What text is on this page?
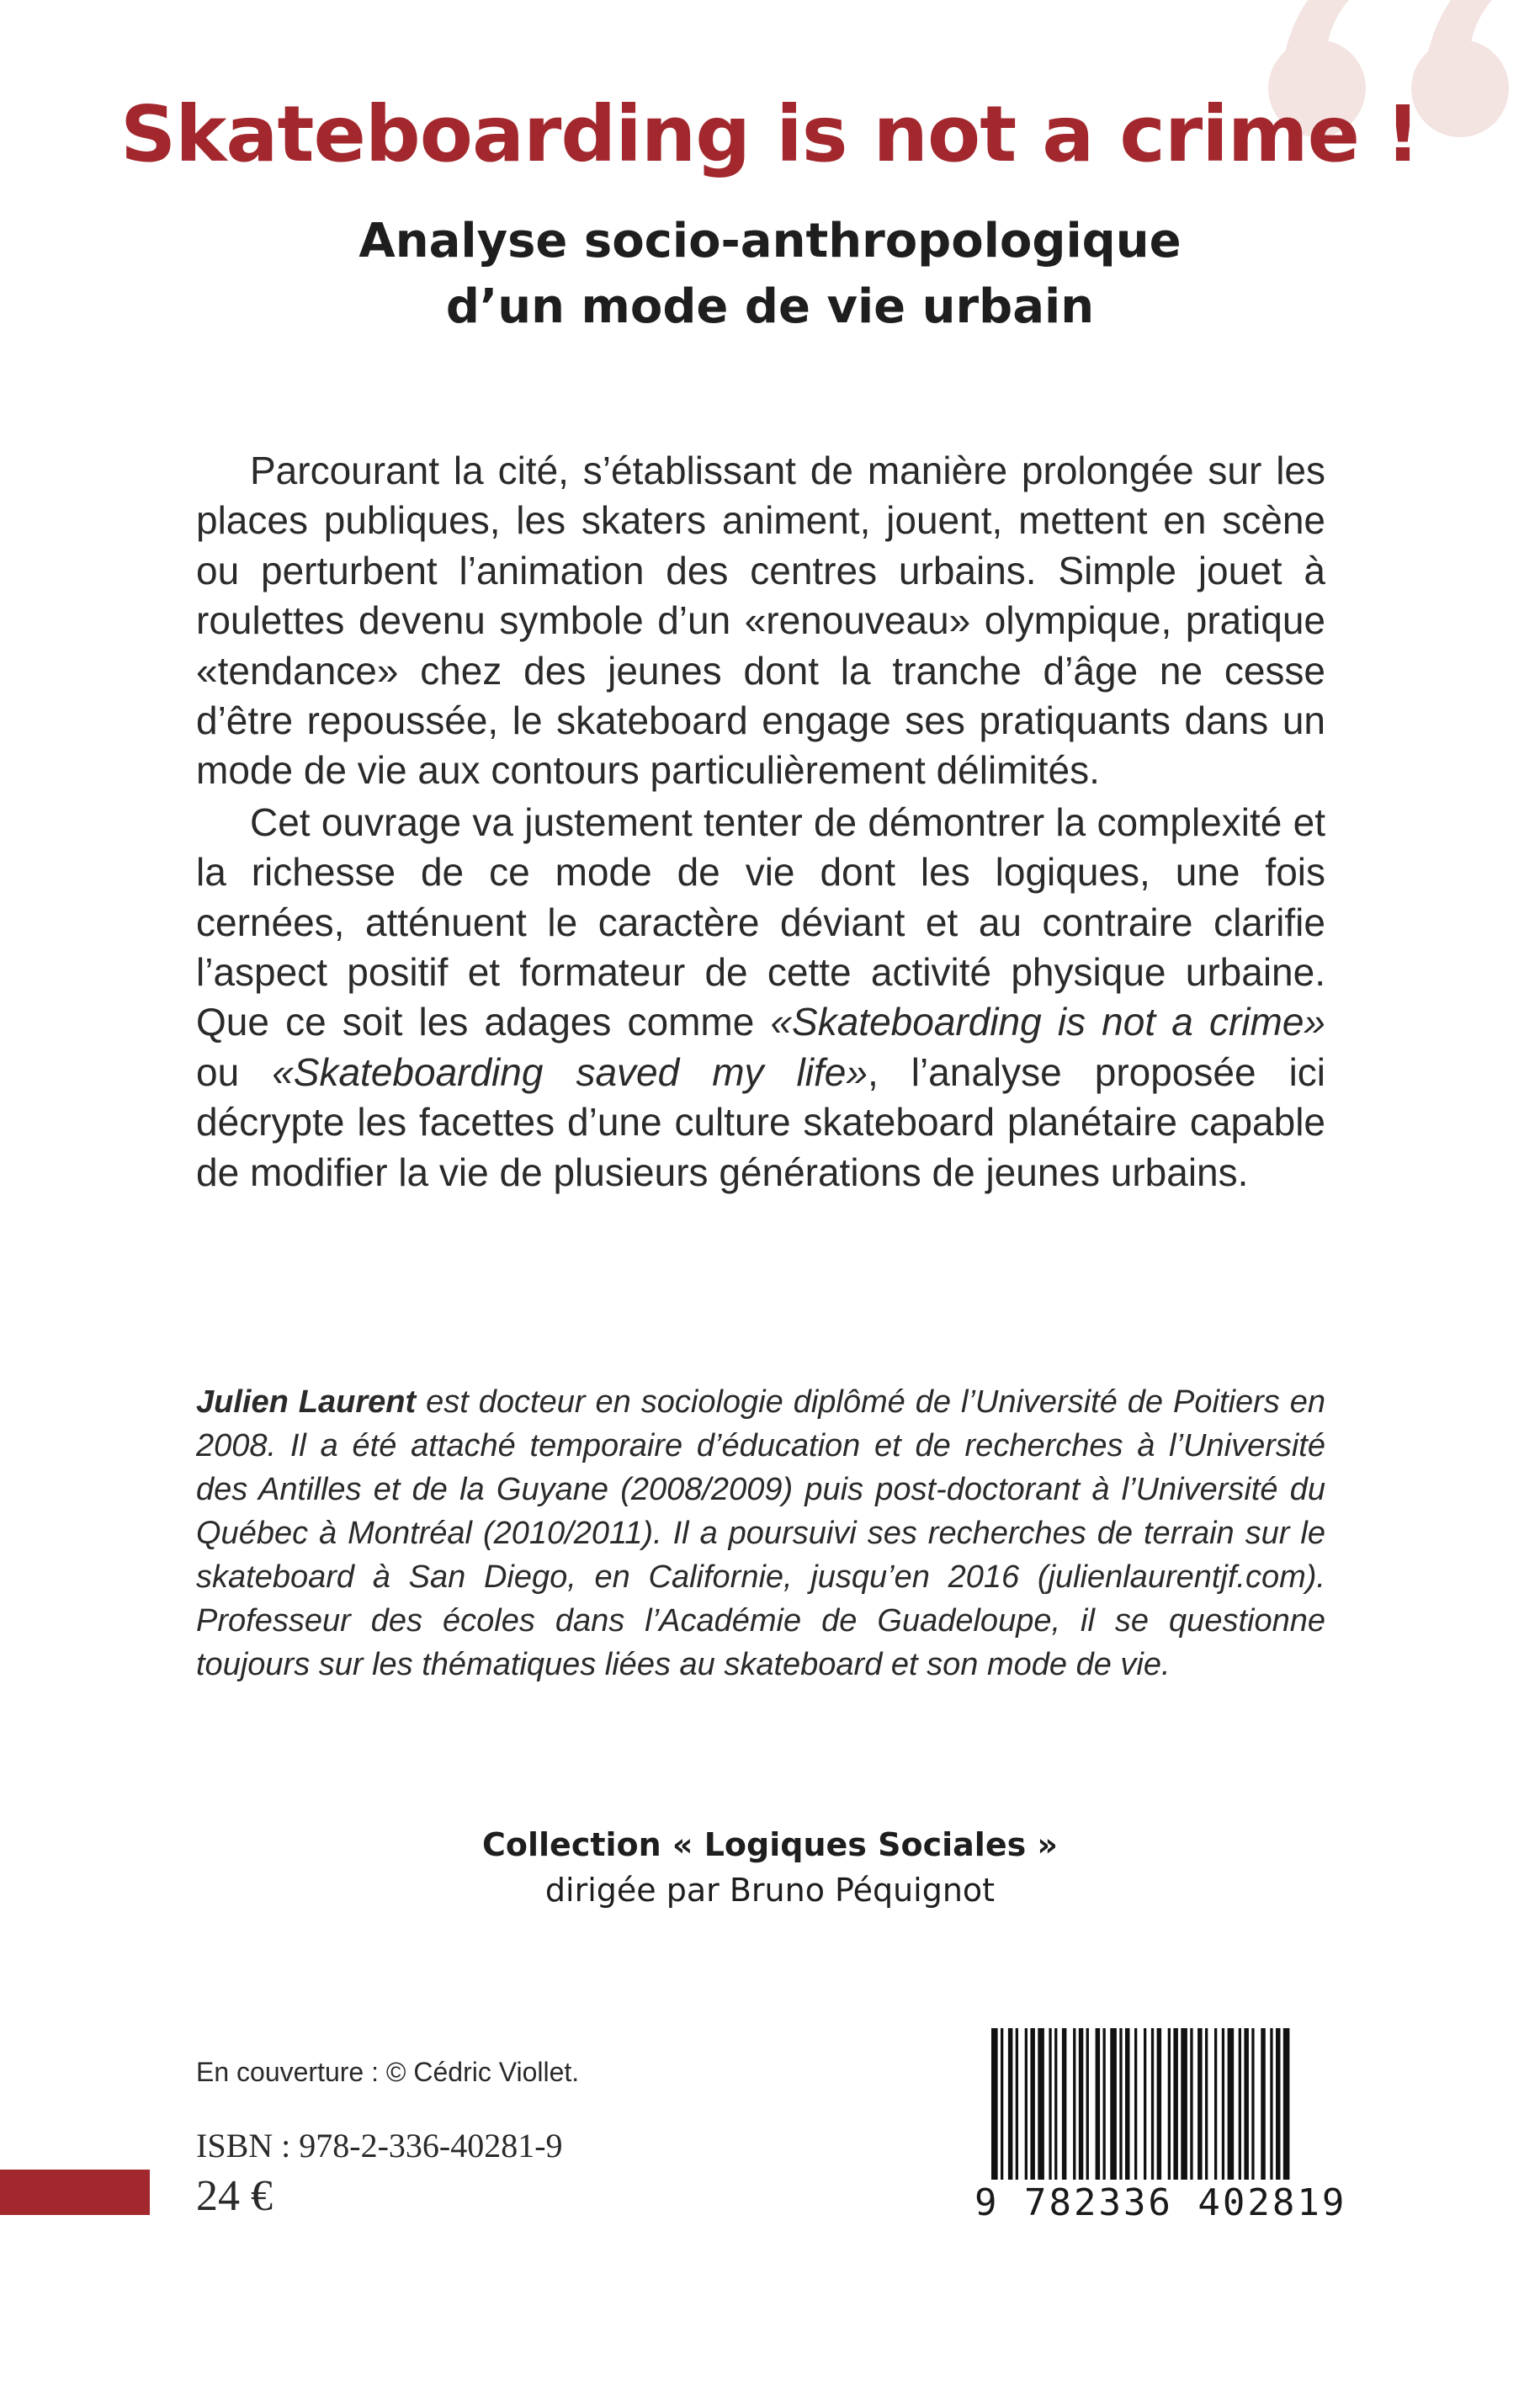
Skateboarding is not a crime !
Analyse socio-anthropologique
d’un mode de vie urbain

Parcourant la cité, s’établissant de manière prolongée sur les places publiques, les skaters animent, jouent, mettent en scène ou perturbent l’animation des centres urbains. Simple jouet à roulettes devenu symbole d’un «renouveau» olympique, pratique «tendance» chez des jeunes dont la tranche d’âge ne cesse d’être repoussée, le skateboard engage ses pratiquants dans un mode de vie aux contours particulièrement délimités.

Cet ouvrage va justement tenter de démontrer la complexité et la richesse de ce mode de vie dont les logiques, une fois cernées, atténuent le caractère déviant et au contraire clarifie l’aspect positif et formateur de cette activité physique urbaine. Que ce soit les adages comme «Skateboarding is not a crime» ou «Skateboarding saved my life», l’analyse proposée ici décrypte les facettes d’une culture skateboard planétaire capable de modifier la vie de plusieurs générations de jeunes urbains.

Julien Laurent est docteur en sociologie diplômé de l’Université de Poitiers en 2008. Il a été attaché temporaire d’éducation et de recherches à l’Université des Antilles et de la Guyane (2008/2009) puis post-doctorant à l’Université du Québec à Montréal (2010/2011). Il a poursuivi ses recherches de terrain sur le skateboard à San Diego, en Californie, jusqu’en 2016 (julienlaurentjf.com). Professeur des écoles dans l’Académie de Guadeloupe, il se questionne toujours sur les thématiques liées au skateboard et son mode de vie.

Collection « Logiques Sociales »
dirigée par Bruno Péquignot
En couverture : © Cédric Viollet.
ISBN : 978-2-336-40281-9
24 €	9 782336 402819
